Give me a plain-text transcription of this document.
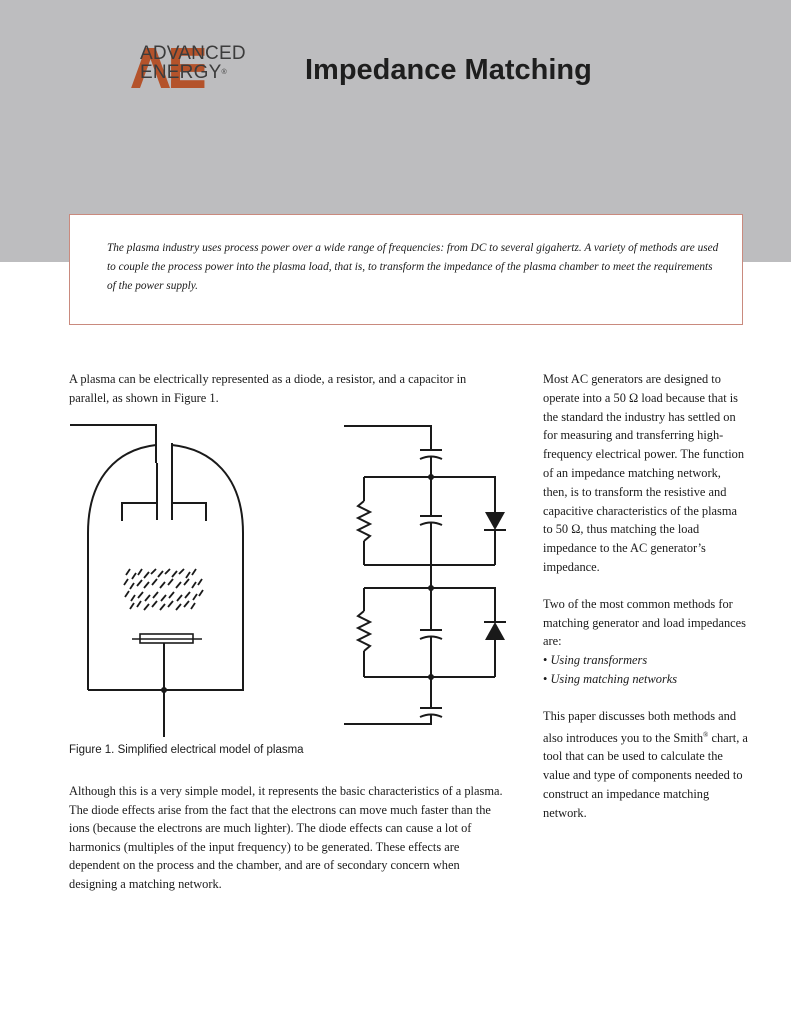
ADVANCED
ENERGY®	Impedance Matching

The plasma industry uses process power over a wide range of frequencies: from DC to several gigahertz. A variety of methods are used to couple the process power into the plasma load, that is, to transform the impedance of the plasma chamber to meet the requirements of the power supply.

A plasma can be electrically represented as a diode, a resistor, and a capacitor in parallel, as shown in Figure 1.

Figure 1. Simplified electrical model of plasma

Although this is a very simple model, it represents the basic characteristics of a plasma. The diode effects arise from the fact that the electrons can move much faster than the ions (because the electrons are much lighter). The diode effects can cause a lot of harmonics (multiples of the input frequency) to be generated. These effects are dependent on the process and the chamber, and are of secondary concern when designing a matching network.

Most AC generators are designed to operate into a 50 Ω load because that is the standard the industry has settled on for measuring and transferring high-frequency electrical power. The function of an impedance matching network, then, is to transform the resistive and capacitive characteristics of the plasma to 50 Ω, thus matching the load impedance to the AC generator’s impedance.

Two of the most common methods for matching generator and load impedances are:

• Using transformers
• Using matching networks

This paper discusses both methods and also introduces you to the Smith® chart, a tool that can be used to calculate the value and type of components needed to construct an impedance matching network.
